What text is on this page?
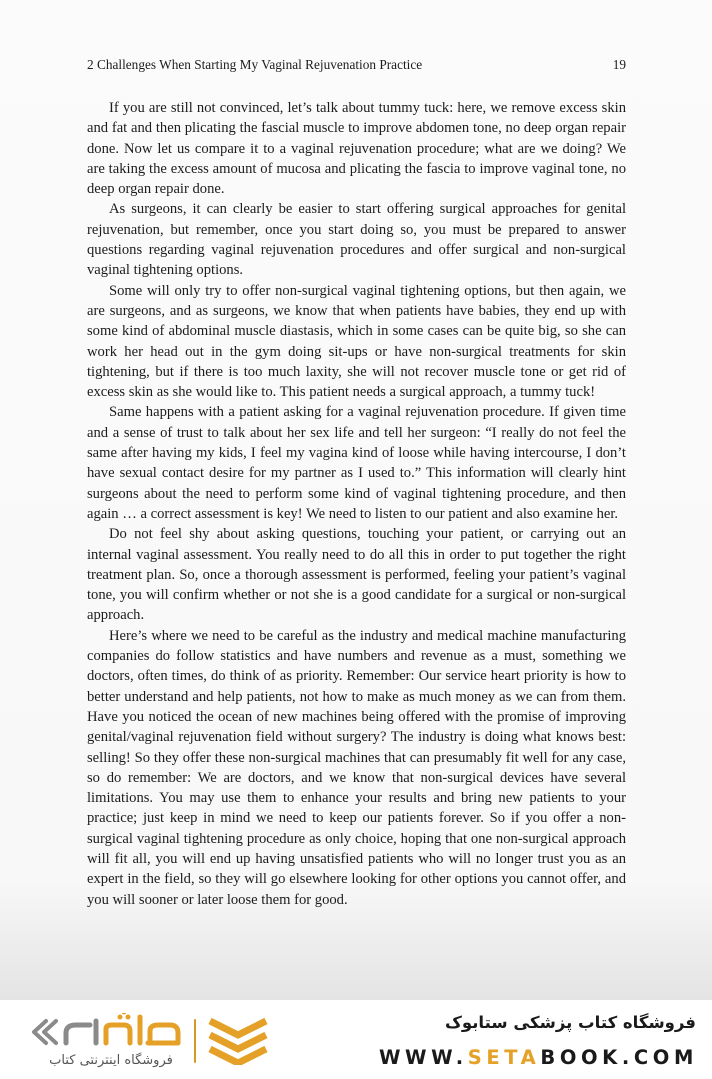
2 Challenges When Starting My Vaginal Rejuvenation Practice	19

If you are still not convinced, let’s talk about tummy tuck: here, we remove excess skin and fat and then plicating the fascial muscle to improve abdomen tone, no deep organ repair done. Now let us compare it to a vaginal rejuvenation procedure; what are we doing? We are taking the excess amount of mucosa and plicating the fascia to improve vaginal tone, no deep organ repair done.

As surgeons, it can clearly be easier to start offering surgical approaches for genital rejuvenation, but remember, once you start doing so, you must be prepared to answer questions regarding vaginal rejuvenation procedures and offer surgical and non-surgical vaginal tightening options.

Some will only try to offer non-surgical vaginal tightening options, but then again, we are surgeons, and as surgeons, we know that when patients have babies, they end up with some kind of abdominal muscle diastasis, which in some cases can be quite big, so she can work her head out in the gym doing sit-ups or have non-surgical treatments for skin tightening, but if there is too much laxity, she will not recover muscle tone or get rid of excess skin as she would like to. This patient needs a surgical approach, a tummy tuck!

Same happens with a patient asking for a vaginal rejuvenation procedure. If given time and a sense of trust to talk about her sex life and tell her surgeon: “I really do not feel the same after having my kids, I feel my vagina kind of loose while having intercourse, I don’t have sexual contact desire for my partner as I used to.” This information will clearly hint surgeons about the need to perform some kind of vaginal tightening procedure, and then again … a correct assessment is key! We need to listen to our patient and also examine her.

Do not feel shy about asking questions, touching your patient, or carrying out an internal vaginal assessment. You really need to do all this in order to put together the right treatment plan. So, once a thorough assessment is performed, feeling your patient’s vaginal tone, you will confirm whether or not she is a good candidate for a surgical or non-surgical approach.

Here’s where we need to be careful as the industry and medical machine manufacturing companies do follow statistics and have numbers and revenue as a must, something we doctors, often times, do think of as priority. Remember: Our service heart priority is how to better understand and help patients, not how to make as much money as we can from them. Have you noticed the ocean of new machines being offered with the promise of improving genital/vaginal rejuvenation field without surgery? The industry is doing what knows best: selling! So they offer these non-surgical machines that can presumably fit well for any case, so do remember: We are doctors, and we know that non-surgical devices have several limitations. You may use them to enhance your results and bring new patients to your practice; just keep in mind we need to keep our patients forever. So if you offer a non-surgical vaginal tightening procedure as only choice, hoping that one non-surgical approach will fit all, you will end up having unsatisfied patients who will no longer trust you as an expert in the field, so they will go elsewhere looking for other options you cannot offer, and you will sooner or later loose them for good.

فروشگاه اینترنتی کتاب
فروشگاه کتاب پزشکی ستابوک
WWW.SETABOOK.COM
